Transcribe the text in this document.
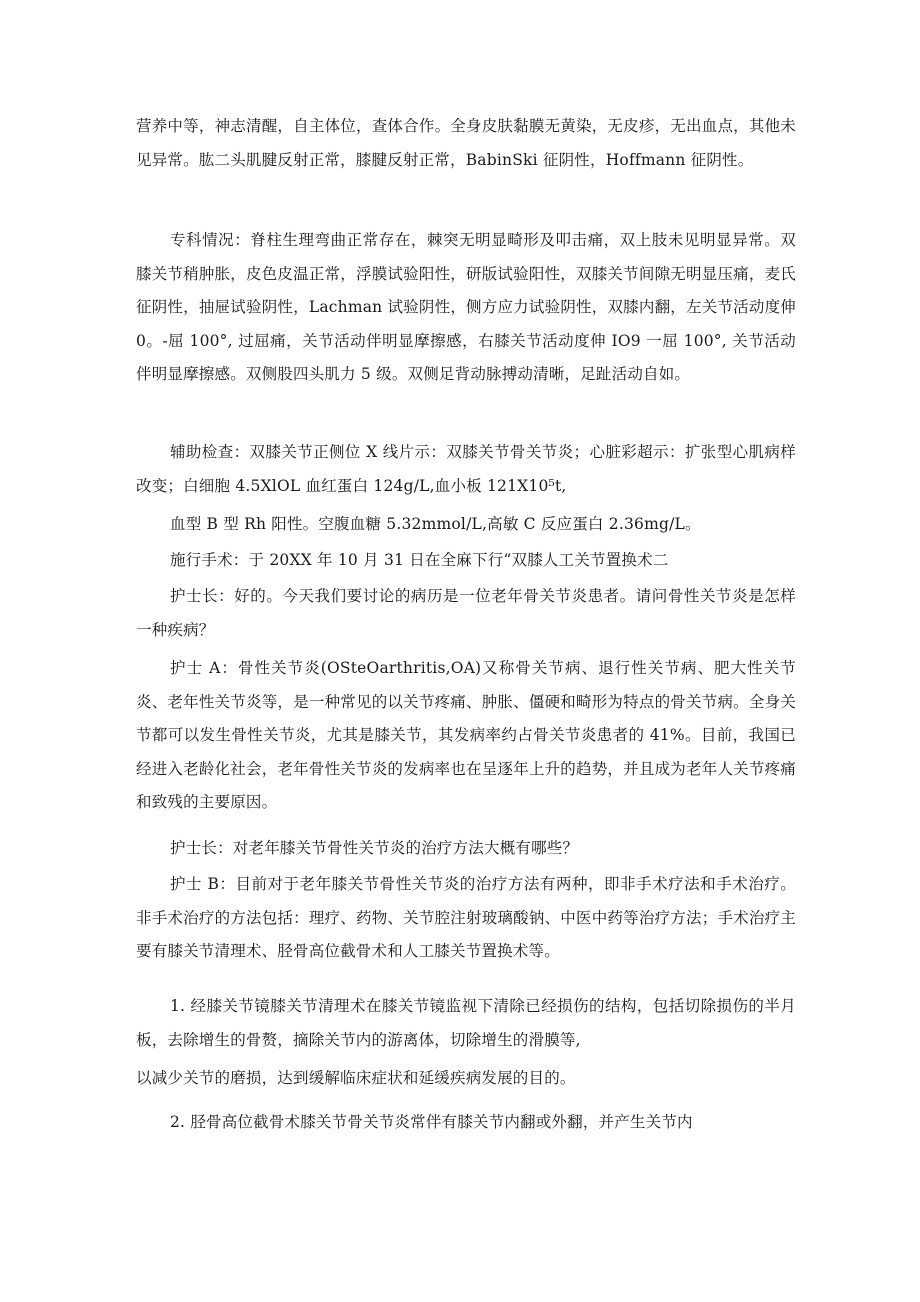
营养中等，神志清醒，自主体位，查体合作。全身皮肤黏膜无黄染，无皮疹，无出血点，其他未见异常。肱二头肌腱反射正常，膝腱反射正常，BabinSki 征阴性，Hoffmann 征阴性。

专科情况：脊柱生理弯曲正常存在，棘突无明显畸形及叩击痛，双上肢未见明显异常。双膝关节稍肿胀，皮色皮温正常，浮膜试验阳性，研版试验阳性，双膝关节间隙无明显压痛，麦氏征阴性，抽屉试验阴性，Lachman 试验阴性，侧方应力试验阴性，双膝内翻，左关节活动度伸 0。-屈 100°, 过屈痛，关节活动伴明显摩擦感，右膝关节活动度伸 IO9 一屈 100°, 关节活动伴明显摩擦感。双侧股四头肌力 5 级。双侧足背动脉搏动清晰，足趾活动自如。

辅助检查：双膝关节正侧位 X 线片示：双膝关节骨关节炎；心脏彩超示：扩张型心肌病样改变；白细胞 4.5XlOL 血红蛋白 124g/L,血小板 121X10⁵t,

血型 B 型 Rh 阳性。空腹血糖 5.32mmol/L,高敏 C 反应蛋白 2.36mg/L。

施行手术：于 20XX 年 10 月 31 日在全麻下行“双膝人工关节置换术二

护士长：好的。今天我们要讨论的病历是一位老年骨关节炎患者。请问骨性关节炎是怎样一种疾病？

护士 A：骨性关节炎(OSteOarthritis,OA)又称骨关节病、退行性关节病、肥大性关节炎、老年性关节炎等，是一种常见的以关节疼痛、肿胀、僵硬和畸形为特点的骨关节病。全身关节都可以发生骨性关节炎，尤其是膝关节，其发病率约占骨关节炎患者的 41%。目前，我国已经进入老龄化社会，老年骨性关节炎的发病率也在呈逐年上升的趋势，并且成为老年人关节疼痛和致残的主要原因。

护士长：对老年膝关节骨性关节炎的治疗方法大概有哪些？

护士 B：目前对于老年膝关节骨性关节炎的治疗方法有两种，即非手术疗法和手术治疗。非手术治疗的方法包括：理疗、药物、关节腔注射玻璃酸钠、中医中药等治疗方法；手术治疗主要有膝关节清理术、胫骨高位截骨术和人工膝关节置换术等。

1. 经膝关节镜膝关节清理术在膝关节镜监视下清除已经损伤的结构，包括切除损伤的半月板，去除增生的骨赘，摘除关节内的游离体，切除增生的滑膜等,

以减少关节的磨损，达到缓解临床症状和延缓疾病发展的目的。

2. 胫骨高位截骨术膝关节骨关节炎常伴有膝关节内翻或外翻，并产生关节内
